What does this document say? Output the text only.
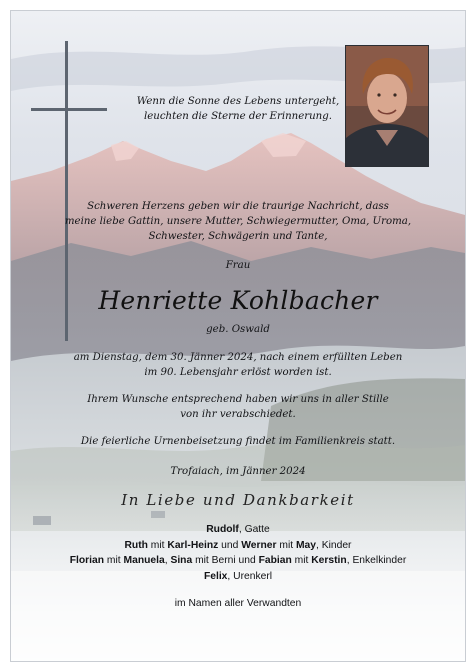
Wenn die Sonne des Lebens untergeht,
leuchten die Sterne der Erinnerung.
Schweren Herzens geben wir die traurige Nachricht, dass
meine liebe Gattin, unsere Mutter, Schwiegermutter, Oma, Uroma,
Schwester, Schwägerin und Tante,
Frau
Henriette Kohlbacher
geb. Oswald
am Dienstag, dem 30. Jänner 2024, nach einem erfüllten Leben
im 90. Lebensjahr erlöst worden ist.
Ihrem Wunsche entsprechend haben wir uns in aller Stille
von ihr verabschiedet.
Die feierliche Urnenbeisetzung findet im Familienkreis statt.
Trofaiach, im Jänner 2024
In Liebe und Dankbarkeit
Rudolf, Gatte
Ruth mit Karl-Heinz und Werner mit May, Kinder
Florian mit Manuela, Sina mit Berni und Fabian mit Kerstin, Enkelkinder
Felix, Urenkerl
im Namen aller Verwandten
